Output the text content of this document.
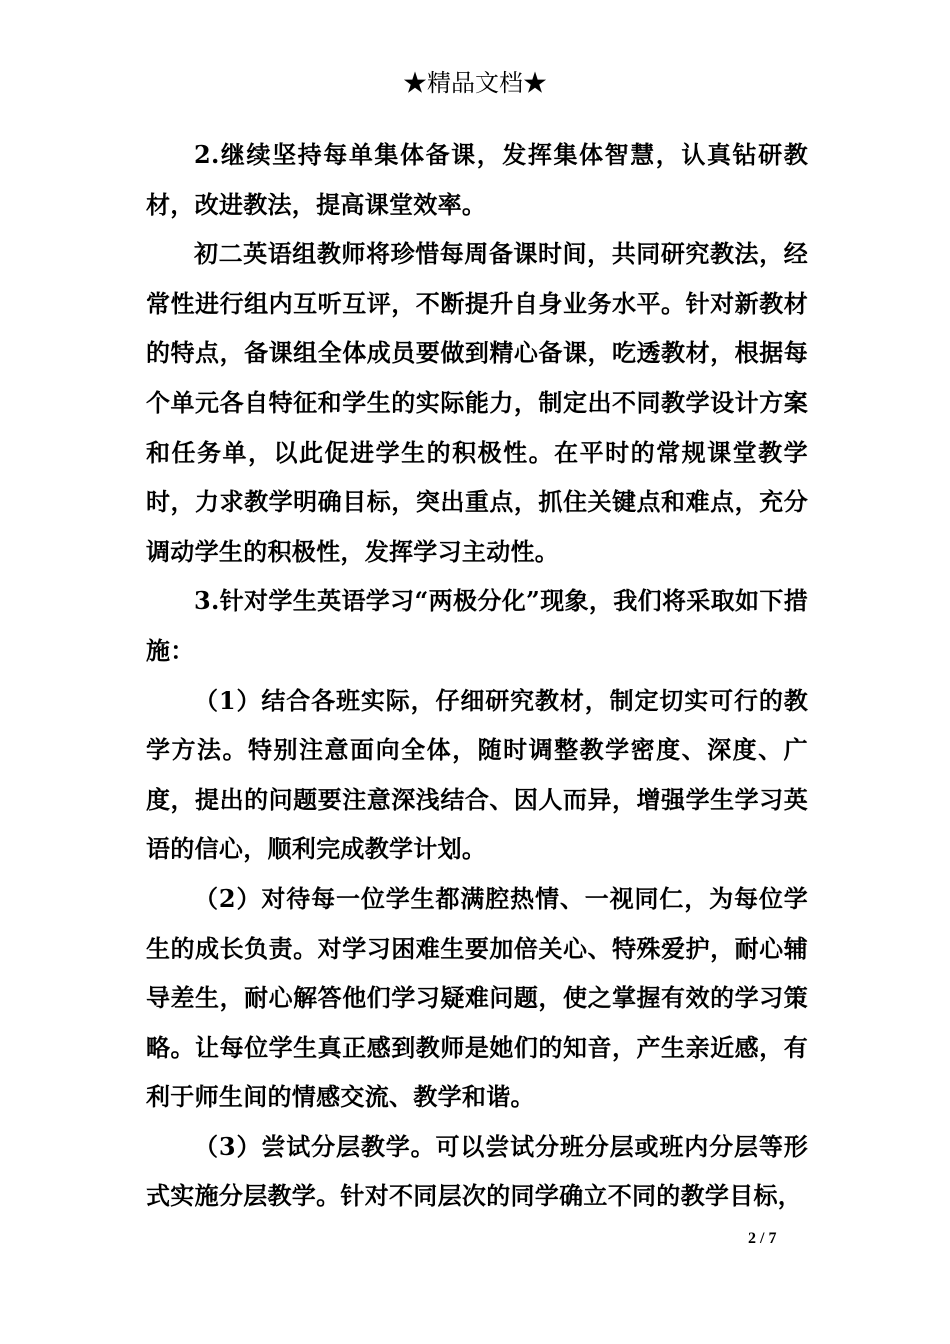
★精品文档★

2.继续坚持每单集体备课，发挥集体智慧，认真钻研教材，改进教法，提高课堂效率。

初二英语组教师将珍惜每周备课时间，共同研究教法，经常性进行组内互听互评，不断提升自身业务水平。针对新教材的特点，备课组全体成员要做到精心备课，吃透教材，根据每个单元各自特征和学生的实际能力，制定出不同教学设计方案和任务单，以此促进学生的积极性。在平时的常规课堂教学时，力求教学明确目标，突出重点，抓住关键点和难点，充分调动学生的积极性，发挥学习主动性。

3.针对学生英语学习“两极分化”现象，我们将采取如下措施：

（1）结合各班实际，仔细研究教材，制定切实可行的教学方法。特别注意面向全体，随时调整教学密度、深度、广度，提出的问题要注意深浅结合、因人而异，增强学生学习英语的信心，顺利完成教学计划。

（2）对待每一位学生都满腔热情、一视同仁，为每位学生的成长负责。对学习困难生要加倍关心、特殊爱护，耐心辅导差生，耐心解答他们学习疑难问题，使之掌握有效的学习策略。让每位学生真正感到教师是她们的知音，产生亲近感，有利于师生间的情感交流、教学和谐。

（3）尝试分层教学。可以尝试分班分层或班内分层等形式实施分层教学。针对不同层次的同学确立不同的教学目标，

2 / 7
